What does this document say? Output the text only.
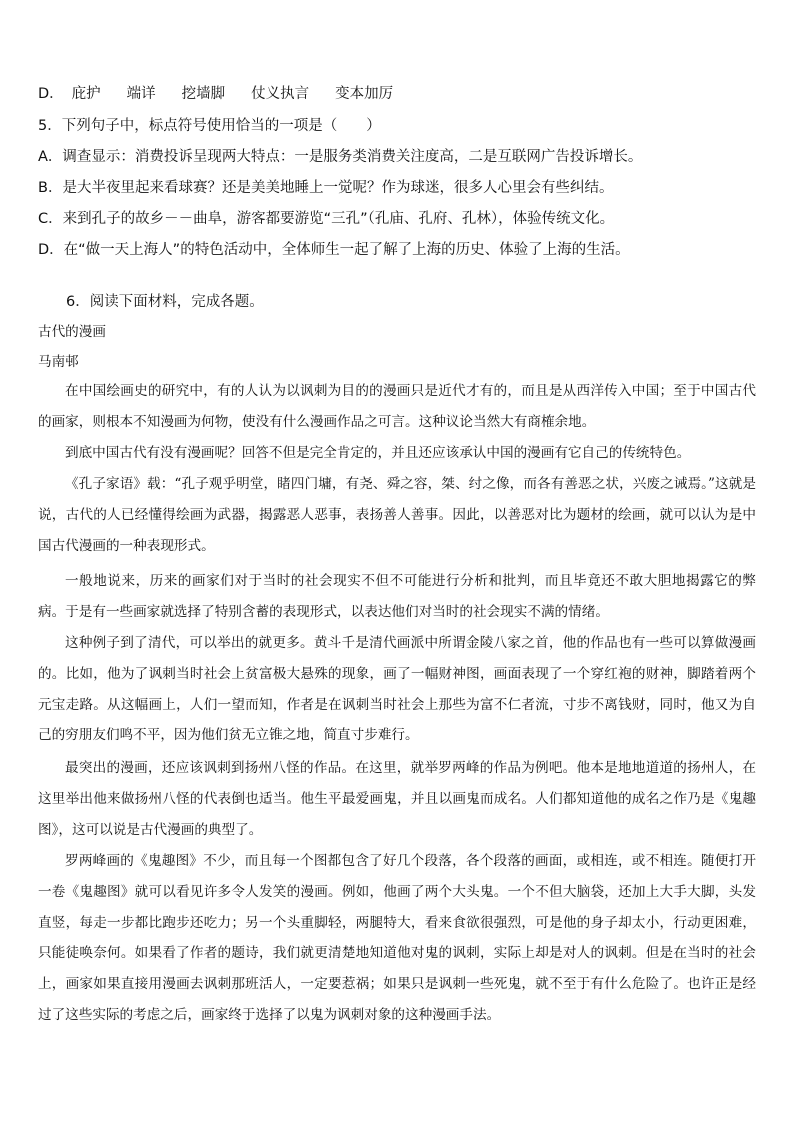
D． 庇护 端详 挖墙脚 仗义执言 变本加厉
5．下列句子中，标点符号使用恰当的一项是（　　）
A．调查显示：消费投诉呈现两大特点：一是服务类消费关注度高，二是互联网广告投诉增长。
B．是大半夜里起来看球赛？还是美美地睡上一觉呢？作为球迷，很多人心里会有些纠结。
C．来到孔子的故乡－－曲阜，游客都要游览“三孔”（孔庙、孔府、孔林），体验传统文化。
D．在“做一天上海人”的特色活动中，全体师生一起了解了上海的历史、体验了上海的生活。
6．阅读下面材料，完成各题。
古代的漫画
马南邨
在中国绘画史的研究中，有的人认为以讽刺为目的的漫画只是近代才有的，而且是从西洋传入中国；至于中国古代的画家，则根本不知漫画为何物，使没有什么漫画作品之可言。这种议论当然大有商榷余地。
到底中国古代有没有漫画呢？回答不但是完全肯定的，并且还应该承认中国的漫画有它自己的传统特色。
《孔子家语》载：“孔子观乎明堂，睹四门墉，有尧、舜之容，桀、纣之像，而各有善恶之状，兴废之诫焉。”这就是说，古代的人已经懂得绘画为武器，揭露恶人恶事，表扬善人善事。因此，以善恶对比为题材的绘画，就可以认为是中国古代漫画的一种表现形式。
一般地说来，历来的画家们对于当时的社会现实不但不可能进行分析和批判，而且毕竟还不敢大胆地揭露它的弊病。于是有一些画家就选择了特别含蓄的表现形式，以表达他们对当时的社会现实不满的情绪。
这种例子到了清代，可以举出的就更多。黄斗千是清代画派中所谓金陵八家之首，他的作品也有一些可以算做漫画的。比如，他为了讽刺当时社会上贫富极大悬殊的现象，画了一幅财神图，画面表现了一个穿红袍的财神，脚踏着两个元宝走路。从这幅画上，人们一望而知，作者是在讽刺当时社会上那些为富不仁者流，寸步不离钱财，同时，他又为自己的穷朋友们鸣不平，因为他们贫无立锥之地，简直寸步难行。
最突出的漫画，还应该讽刺到扬州八怪的作品。在这里，就举罗两峰的作品为例吧。他本是地地道道的扬州人，在这里举出他来做扬州八怪的代表倒也适当。他生平最爱画鬼，并且以画鬼而成名。人们都知道他的成名之作乃是《鬼趣图》，这可以说是古代漫画的典型了。
罗两峰画的《鬼趣图》不少，而且每一个图都包含了好几个段落，各个段落的画面，或相连，或不相连。随便打开一卷《鬼趣图》就可以看见许多令人发笑的漫画。例如，他画了两个大头鬼。一个不但大脑袋，还加上大手大脚，头发直竖，每走一步都比跑步还吃力；另一个头重脚轻，两腿特大，看来食欲很强烈，可是他的身子却太小，行动更困难，只能徒唤奈何。如果看了作者的题诗，我们就更清楚地知道他对鬼的讽刺，实际上却是对人的讽刺。但是在当时的社会上，画家如果直接用漫画去讽刺那班活人，一定要惹祸；如果只是讽刺一些死鬼，就不至于有什么危险了。也许正是经过了这些实际的考虑之后，画家终于选择了以鬼为讽刺对象的这种漫画手法。
